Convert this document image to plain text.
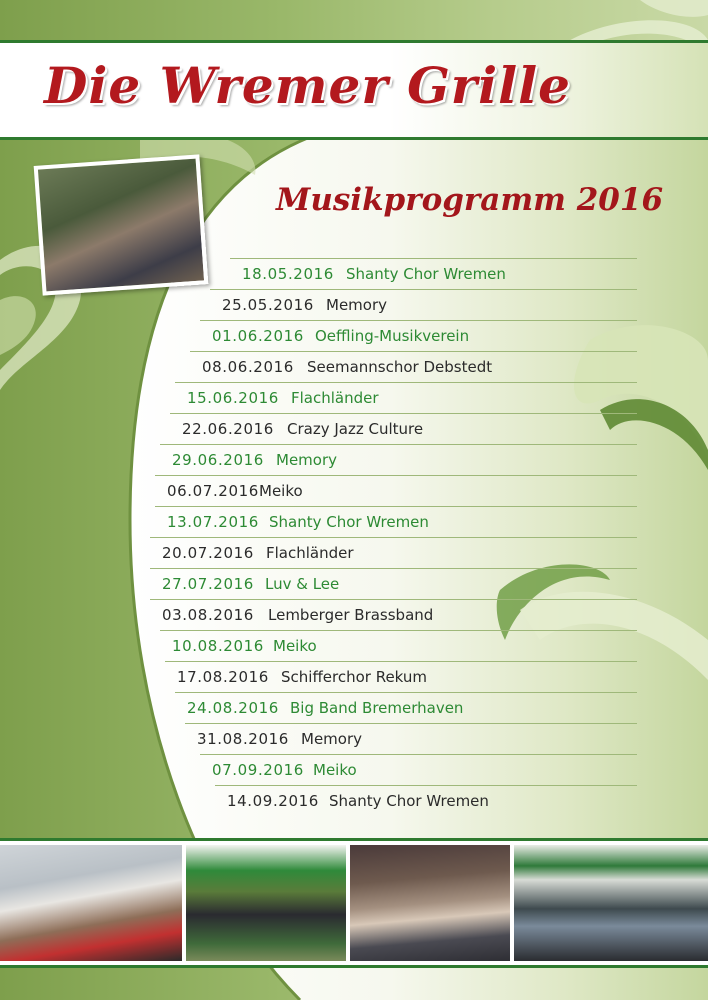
Die Wremer Grille
Musikprogramm 2016
18.05.2016 Shanty Chor Wremen
25.05.2016 Memory
01.06.2016 Oeffling-Musikverein
08.06.2016 Seemannschor Debstedt
15.06.2016 Flachländer
22.06.2016 Crazy Jazz Culture
29.06.2016 Memory
06.07.2016 Meiko
13.07.2016 Shanty Chor Wremen
20.07.2016 Flachländer
27.07.2016 Luv & Lee
03.08.2016 Lemberger Brassband
10.08.2016 Meiko
17.08.2016 Schifferchor Rekum
24.08.2016 Big Band Bremerhaven
31.08.2016 Memory
07.09.2016 Meiko
14.09.2016 Shanty Chor Wremen
